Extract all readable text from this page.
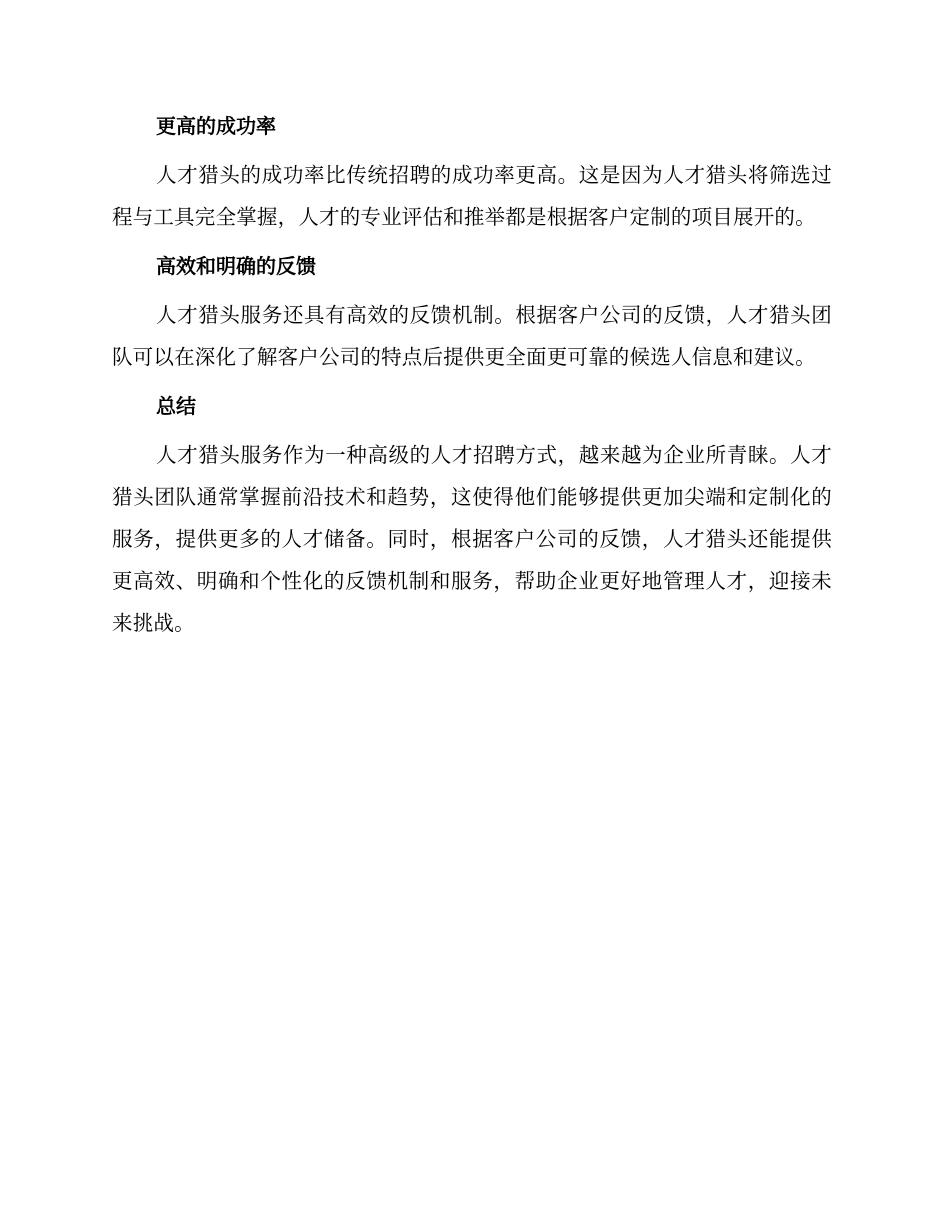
更高的成功率

人才猎头的成功率比传统招聘的成功率更高。这是因为人才猎头将筛选过程与工具完全掌握，人才的专业评估和推举都是根据客户定制的项目展开的。

高效和明确的反馈

人才猎头服务还具有高效的反馈机制。根据客户公司的反馈，人才猎头团队可以在深化了解客户公司的特点后提供更全面更可靠的候选人信息和建议。

总结

人才猎头服务作为一种高级的人才招聘方式，越来越为企业所青睐。人才猎头团队通常掌握前沿技术和趋势，这使得他们能够提供更加尖端和定制化的服务，提供更多的人才储备。同时，根据客户公司的反馈，人才猎头还能提供更高效、明确和个性化的反馈机制和服务，帮助企业更好地管理人才，迎接未来挑战。
